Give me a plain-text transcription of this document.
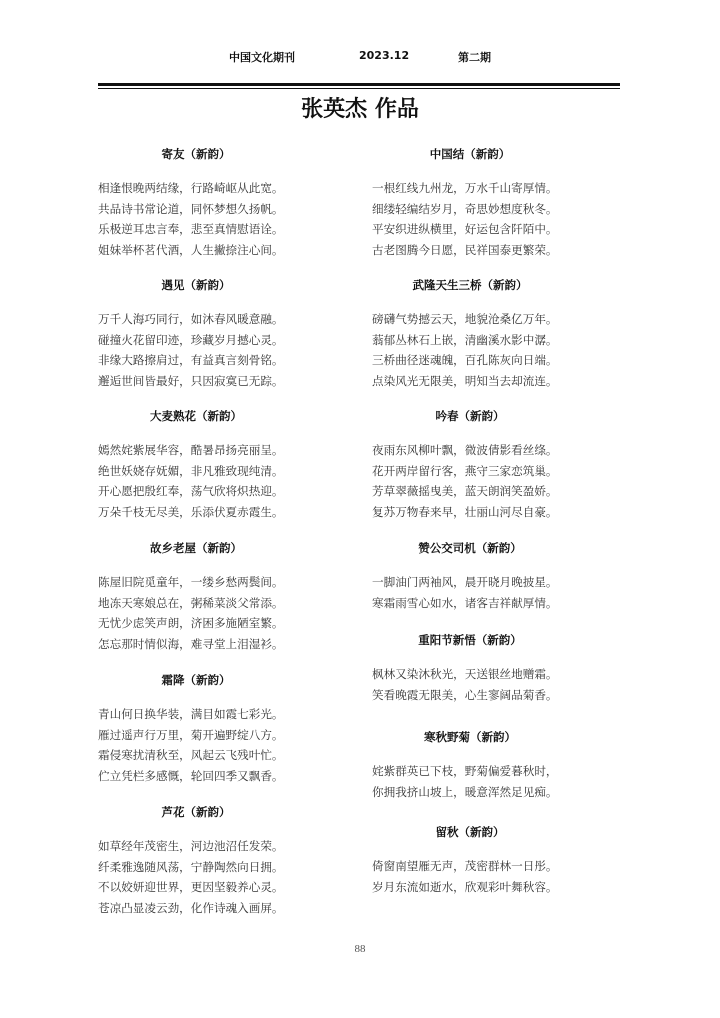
中国文化期刊	2023.12	第二期
张英杰 作品
寄友（新韵）
相逢恨晚两结缘，行路崎岖从此宽。
共品诗书常论道，同怀梦想久扬帆。
乐极逆耳忠言奉，悲至真情慰语诠。
姐妹举杯茗代酒，人生撇捺注心间。
遇见（新韵）
万千人海巧同行，如沐春风暖意融。
碰撞火花留印迹，珍藏岁月撼心灵。
非缘大路擦肩过，有益真言刻骨铭。
邂逅世间皆最好，只因寂寞已无踪。
大麦熟花（新韵）
嫣然姹紫展华容，酷暑昂扬亮丽呈。
绝世妖娆存妩媚，非凡雅致现纯清。
开心愿把殷红奉，荡气欣将炽热迎。
万朵千枝无尽美，乐添伏夏赤霞生。
故乡老屋（新韵）
陈屋旧院觅童年，一缕乡愁两鬓间。
地冻天寒娘总在，粥稀菜淡父常添。
无忧少虑笑声朗，济困多施陋室繁。
怎忘那时情似海，难寻堂上泪湿衫。
霜降（新韵）
青山何日换华装，满目如霞七彩光。
雁过遥声行万里，菊开遍野绽八方。
霜侵寒扰清秋至，风起云飞残叶忙。
伫立凭栏多感慨，轮回四季又飘香。
芦花（新韵）
如草经年茂密生，河边池沼任发荣。
纤柔雅逸随风荡，宁静陶然向日拥。
不以姣妍迎世界，更因坚毅养心灵。
苍凉凸显凌云劲，化作诗魂入画屏。
中国结（新韵）
一根红线九州龙，万水千山寄厚情。
细缕轻编结岁月，奇思妙想度秋冬。
平安织进纵横里，好运包含阡陌中。
古老图腾今日愿，民祥国泰更繁荣。
武隆天生三桥（新韵）
磅礴气势撼云天，地貌沧桑亿万年。
蓊郁丛林石上嵌，清幽溪水影中潺。
三桥曲径迷魂魄，百孔陈灰向日端。
点染风光无限美，明知当去却流连。
吟春（新韵）
夜雨东风柳叶飘，微波倩影看丝绦。
花开两岸留行客，燕守三家恋筑巢。
芳草翠薇摇曳美，蓝天朗润笑盈娇。
复苏万物春来早，壮丽山河尽自豪。
赞公交司机（新韵）
一脚油门两袖风，晨开晓月晚披星。
寒霜雨雪心如水，诸客吉祥献厚情。
重阳节新悟（新韵）
枫林又染沐秋光，天送银丝地赠霜。
笑看晚霞无限美，心生寥阔品菊香。
寒秋野菊（新韵）
姹紫群英已下枝，野菊偏爱暮秋时，
你拥我挤山坡上，暖意浑然足见痴。
留秋（新韵）
倚窗南望雁无声，茂密群林一日彤。
岁月东流如逝水，欣观彩叶舞秋容。
88
